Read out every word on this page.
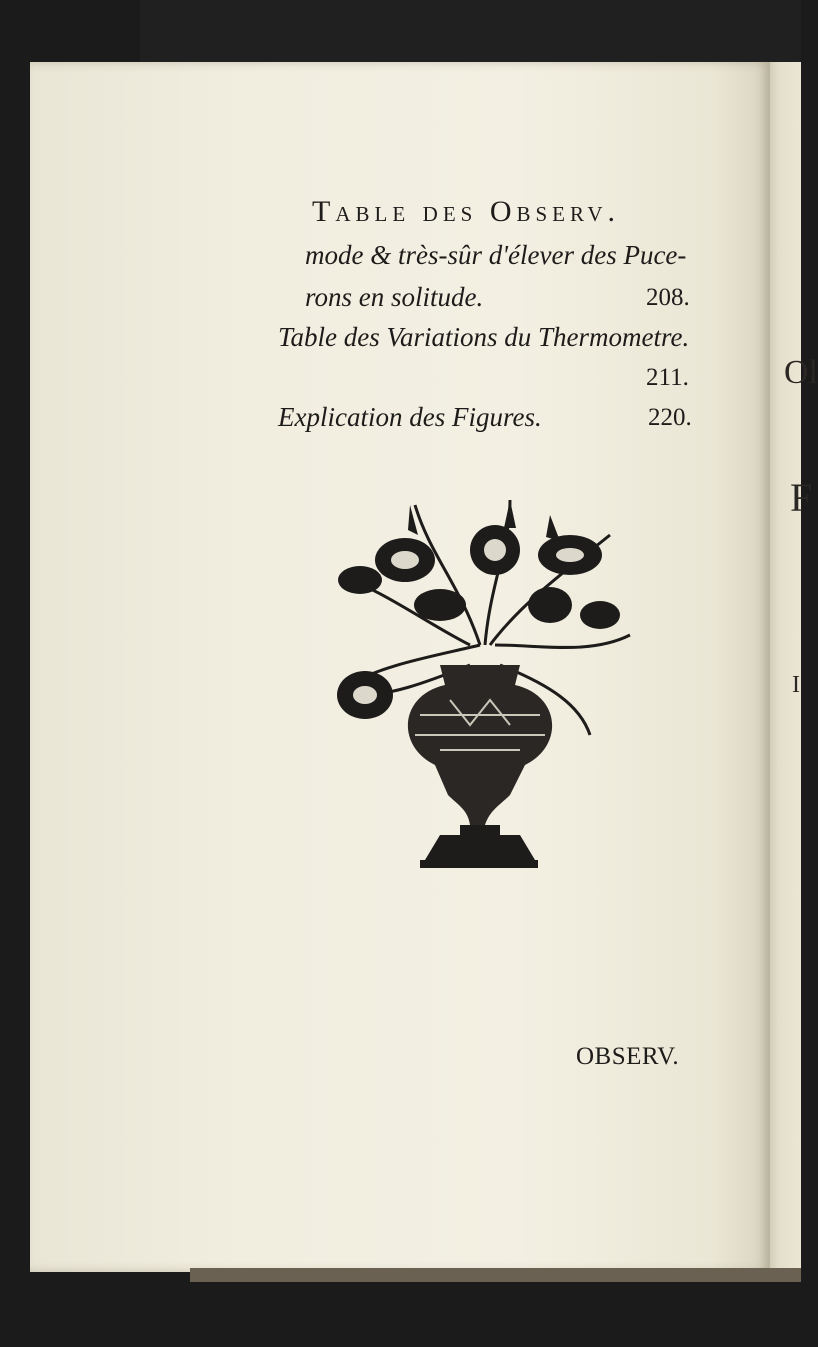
Ol
F
I
Table des Observ.
mode & très-sûr d'élever des Puce-
rons en solitude.	208.
Table des Variations du Thermometre.
211.
Explication des Figures.	220.
OBSERV.
